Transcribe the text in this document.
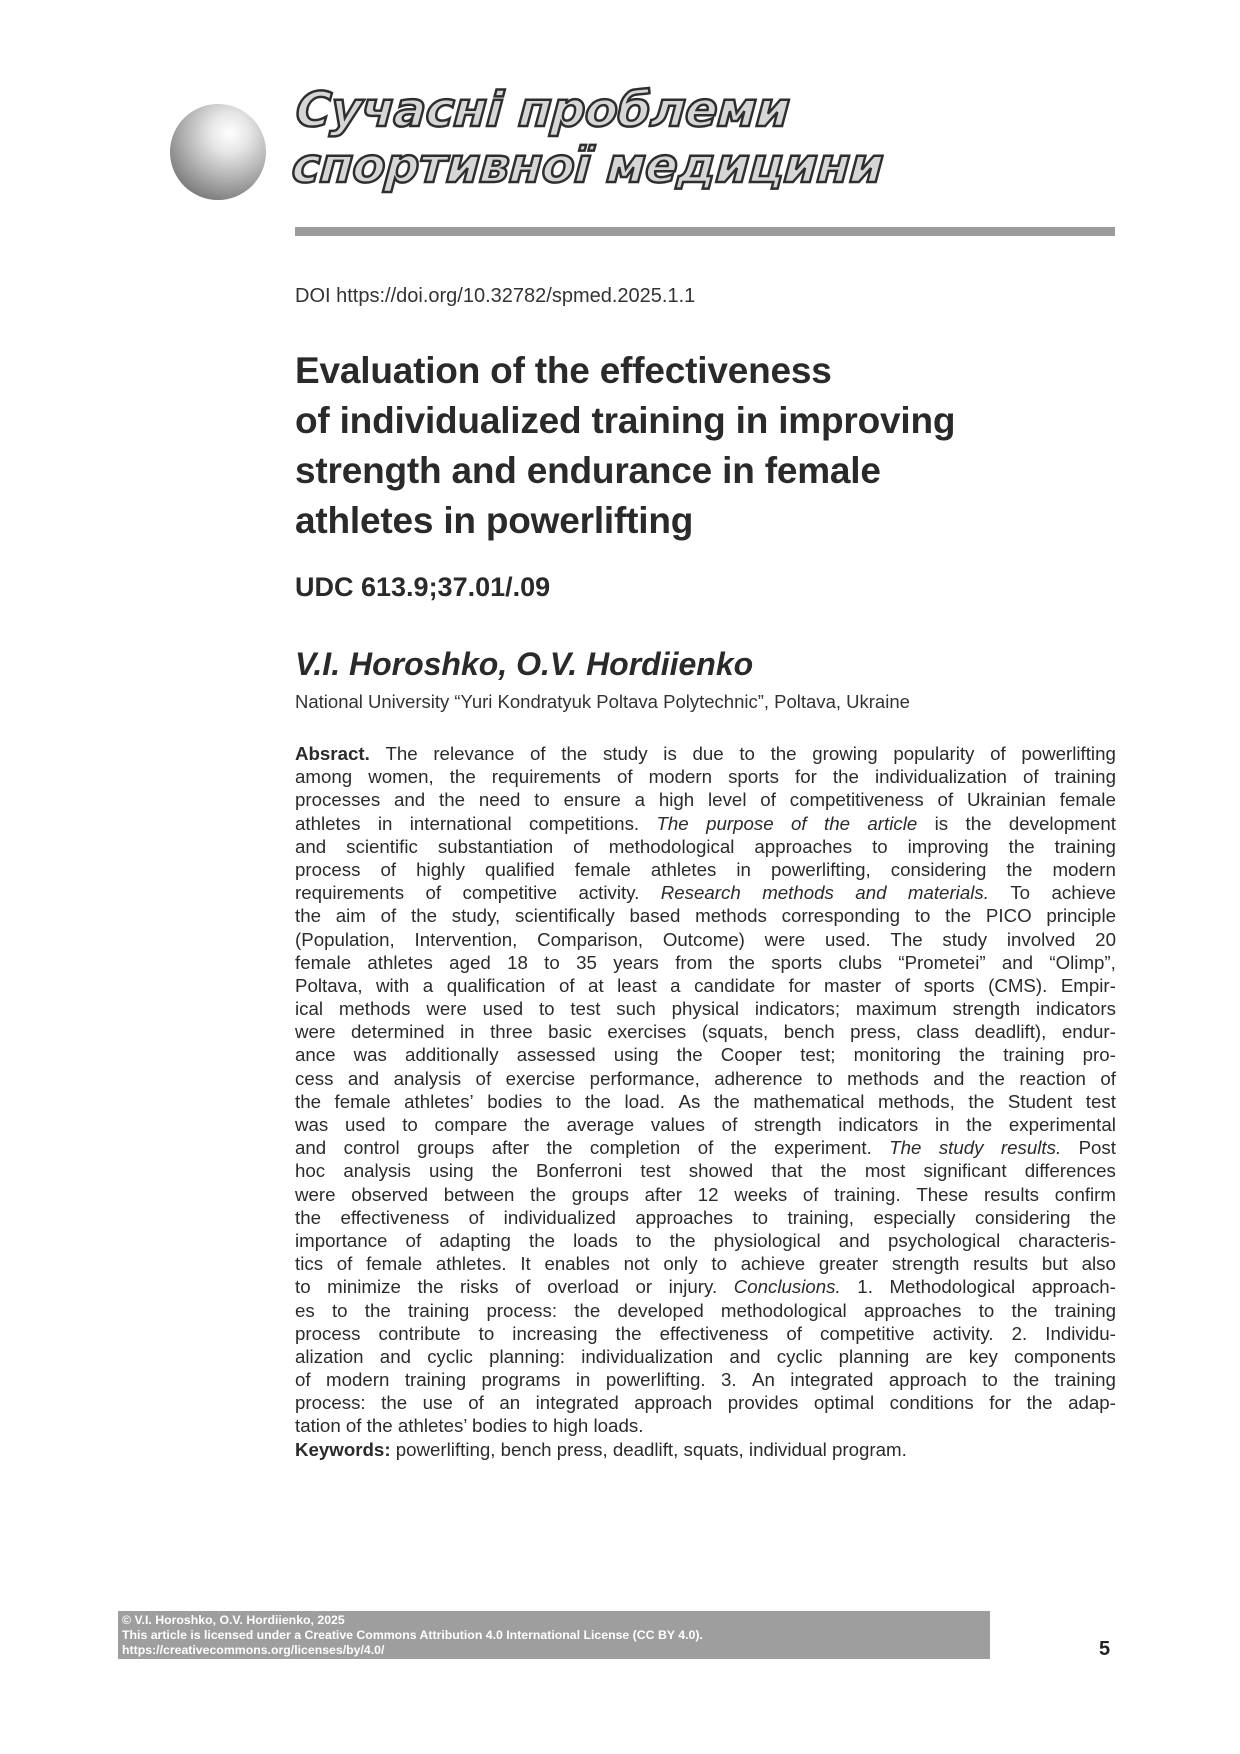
Сучасні проблеми
спортивної медицини
DOI https://doi.org/10.32782/spmed.2025.1.1
Evaluation of the effectiveness
of individualized training in improving
strength and endurance in female
athletes in powerlifting
UDC 613.9;37.01/.09
V.I. Horoshko, O.V. Hordiienko
National University “Yuri Kondratyuk Poltava Polytechnic”, Poltava, Ukraine
Absract. The relevance of the study is due to the growing popularity of powerlifting
among women, the requirements of modern sports for the individualization of training
processes and the need to ensure a high level of competitiveness of Ukrainian female
athletes in international competitions. The purpose of the article is the development
and scientific substantiation of methodological approaches to improving the training
process of highly qualified female athletes in powerlifting, considering the modern
requirements of competitive activity. Research methods and materials. To achieve
the aim of the study, scientifically based methods corresponding to the PICO principle
(Population, Intervention, Comparison, Outcome) were used. The study involved 20
female athletes aged 18 to 35 years from the sports clubs “Prometei” and “Olimp”,
Poltava, with a qualification of at least a candidate for master of sports (CMS). Empir-
ical methods were used to test such physical indicators; maximum strength indicators
were determined in three basic exercises (squats, bench press, class deadlift), endur-
ance was additionally assessed using the Cooper test; monitoring the training pro-
cess and analysis of exercise performance, adherence to methods and the reaction of
the female athletes’ bodies to the load. As the mathematical methods, the Student test
was used to compare the average values of strength indicators in the experimental
and control groups after the completion of the experiment. The study results. Post
hoc analysis using the Bonferroni test showed that the most significant differences
were observed between the groups after 12 weeks of training. These results confirm
the effectiveness of individualized approaches to training, especially considering the
importance of adapting the loads to the physiological and psychological characteris-
tics of female athletes. It enables not only to achieve greater strength results but also
to minimize the risks of overload or injury. Conclusions. 1. Methodological approach-
es to the training process: the developed methodological approaches to the training
process contribute to increasing the effectiveness of competitive activity. 2. Individu-
alization and cyclic planning: individualization and cyclic planning are key components
of modern training programs in powerlifting. 3. An integrated approach to the training
process: the use of an integrated approach provides optimal conditions for the adap-
tation of the athletes’ bodies to high loads.
Keywords: powerlifting, bench press, deadlift, squats, individual program.
© V.I. Horoshko, O.V. Hordiienko, 2025
This article is licensed under a Creative Commons Attribution 4.0 International License (CC BY 4.0).
https://creativecommons.org/licenses/by/4.0/	5
